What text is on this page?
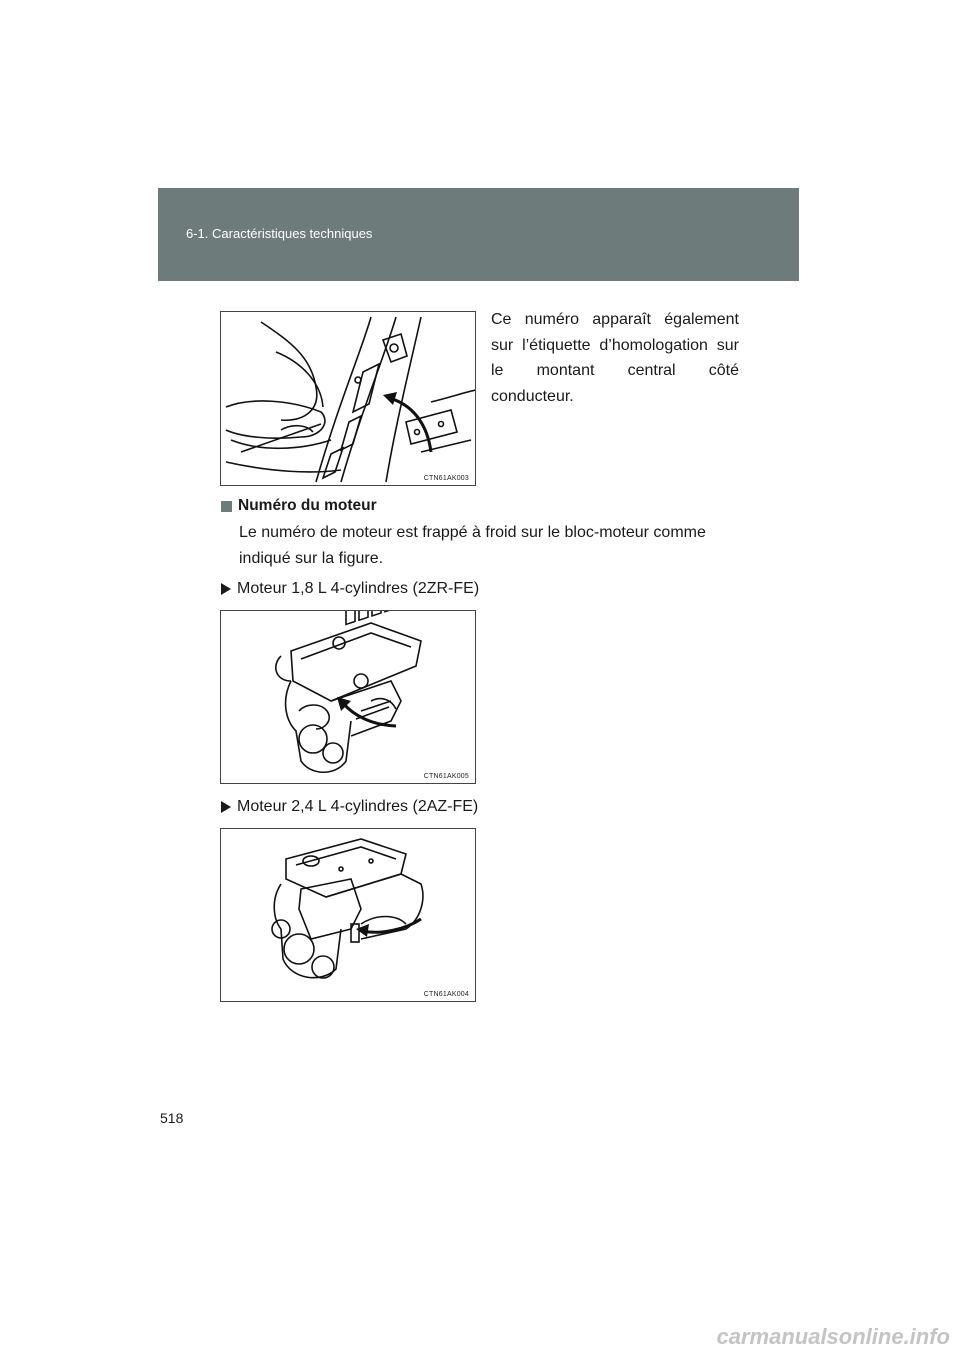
6-1. Caractéristiques techniques
CTN61AK003

Ce numéro apparaît également sur l’étiquette d’homologation sur le montant central côté conducteur.

Numéro du moteur

Le numéro de moteur est frappé à froid sur le bloc-moteur comme indiqué sur la figure.

Moteur 1,8 L 4-cylindres (2ZR-FE)
CTN61AK005
Moteur 2,4 L 4-cylindres (2AZ-FE)
CTN61AK004
518
carmanualsonline.info
